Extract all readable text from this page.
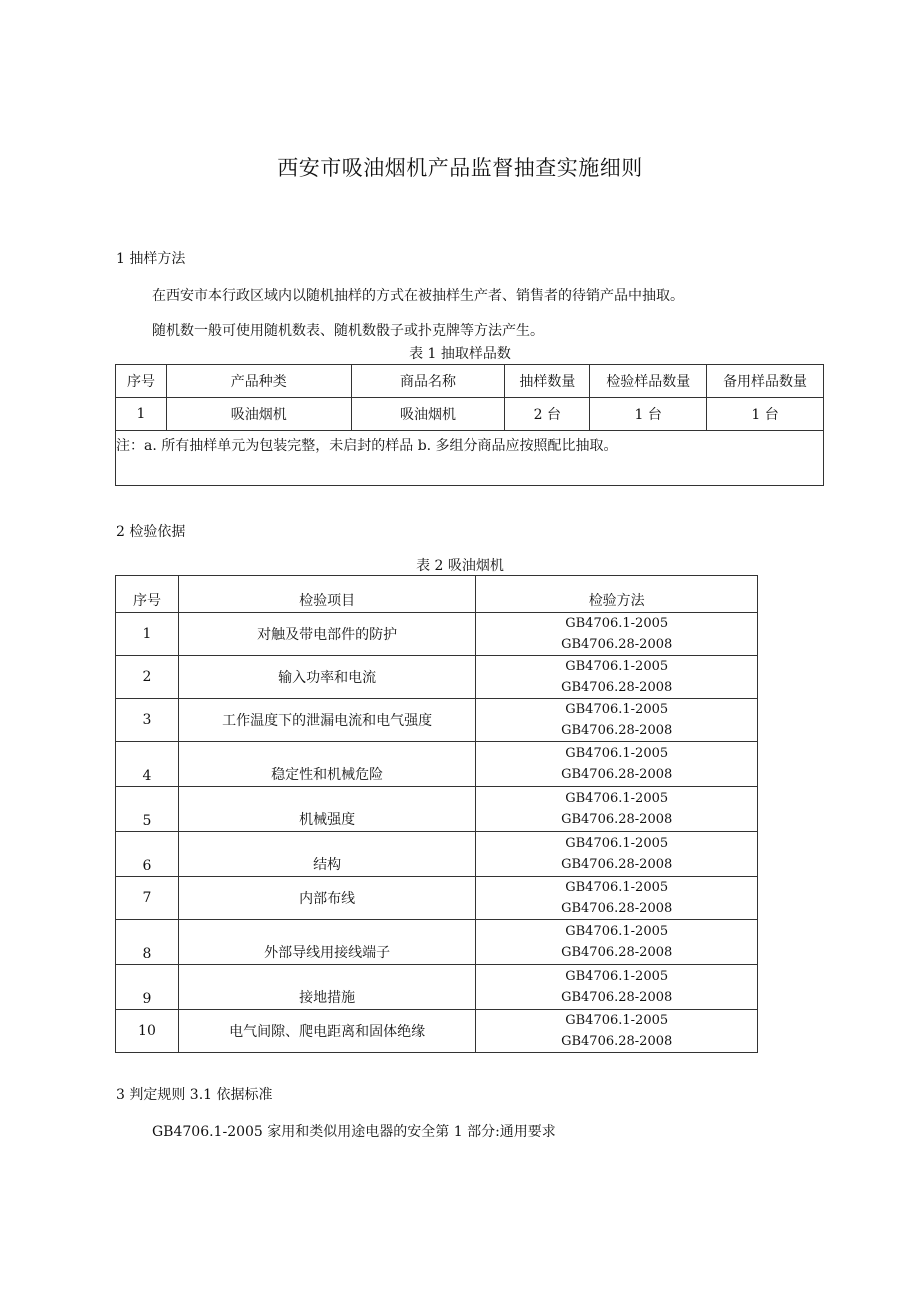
西安市吸油烟机产品监督抽查实施细则
1 抽样方法
在西安市本行政区域内以随机抽样的方式在被抽样生产者、销售者的待销产品中抽取。
随机数一般可使用随机数表、随机数骰子或扑克牌等方法产生。
表 1 抽取样品数
序号	产品种类	商品名称	抽样数量	检验样品数量	备用样品数量
1	吸油烟机	吸油烟机	2 台	1 台	1 台
注：a. 所有抽样单元为包装完整，未启封的样品 b. 多组分商品应按照配比抽取。					
2 检验依据
表 2 吸油烟机
序号	检验项目	检验方法
1	对触及带电部件的防护	GB4706.1-2005
GB4706.28-2008

2	输入功率和电流	GB4706.1-2005
GB4706.28-2008

3	工作温度下的泄漏电流和电气强度	GB4706.1-2005
GB4706.28-2008

4	稳定性和机械危险	GB4706.1-2005
GB4706.28-2008

5	机械强度	GB4706.1-2005
GB4706.28-2008

6	结构	GB4706.1-2005
GB4706.28-2008

7	内部布线	GB4706.1-2005
GB4706.28-2008

8	外部导线用接线端子	GB4706.1-2005
GB4706.28-2008

9	接地措施	GB4706.1-2005
GB4706.28-2008

10	电气间隙、爬电距离和固体绝缘	GB4706.1-2005
GB4706.28-2008
3 判定规则 3.1 依据标准
GB4706.1-2005 家用和类似用途电器的安全第 1 部分:通用要求
